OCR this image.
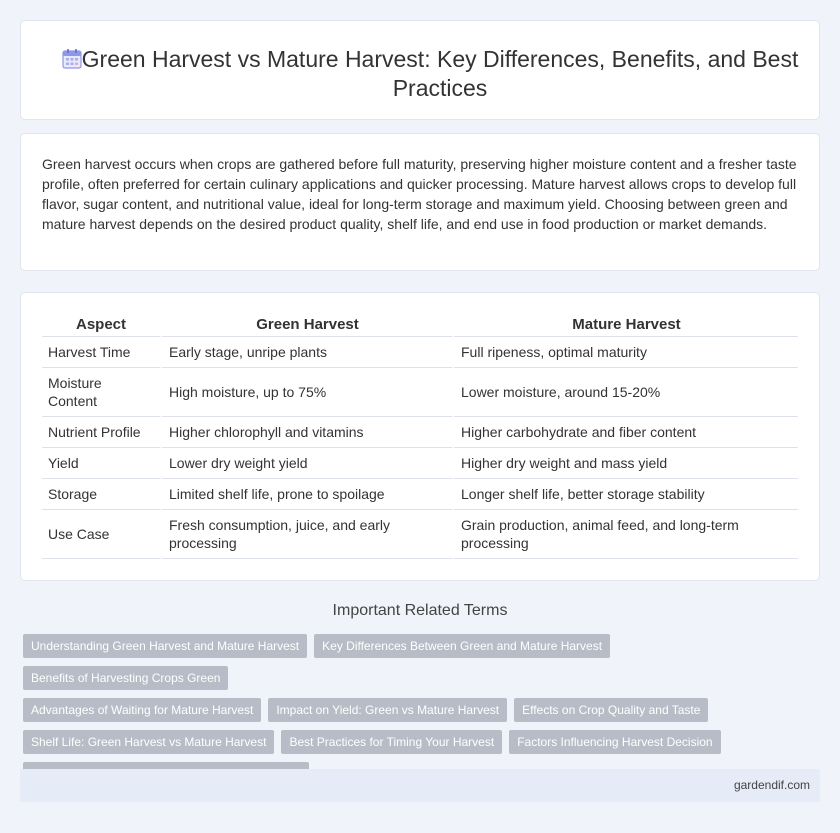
Green Harvest vs Mature Harvest: Key Differences, Benefits, and Best Practices

Green harvest occurs when crops are gathered before full maturity, preserving higher moisture content and a fresher taste profile, often preferred for certain culinary applications and quicker processing. Mature harvest allows crops to develop full flavor, sugar content, and nutritional value, ideal for long-term storage and maximum yield. Choosing between green and mature harvest depends on the desired product quality, shelf life, and end use in food production or market demands.

Aspect	Green Harvest	Mature Harvest
Harvest Time	Early stage, unripe plants	Full ripeness, optimal maturity
Moisture Content	High moisture, up to 75%	Lower moisture, around 15-20%
Nutrient Profile	Higher chlorophyll and vitamins	Higher carbohydrate and fiber content
Yield	Lower dry weight yield	Higher dry weight and mass yield
Storage	Limited shelf life, prone to spoilage	Longer shelf life, better storage stability
Use Case	Fresh consumption, juice, and early processing	Grain production, animal feed, and long-term processing
Important Related Terms
Understanding Green Harvest and Mature Harvest	Key Differences Between Green and Mature Harvest
Benefits of Harvesting Crops Green
Advantages of Waiting for Mature Harvest	Impact on Yield: Green vs Mature Harvest	Effects on Crop Quality and Taste
Shelf Life: Green Harvest vs Mature Harvest	Best Practices for Timing Your Harvest	Factors Influencing Harvest Decision
gardendif.com
